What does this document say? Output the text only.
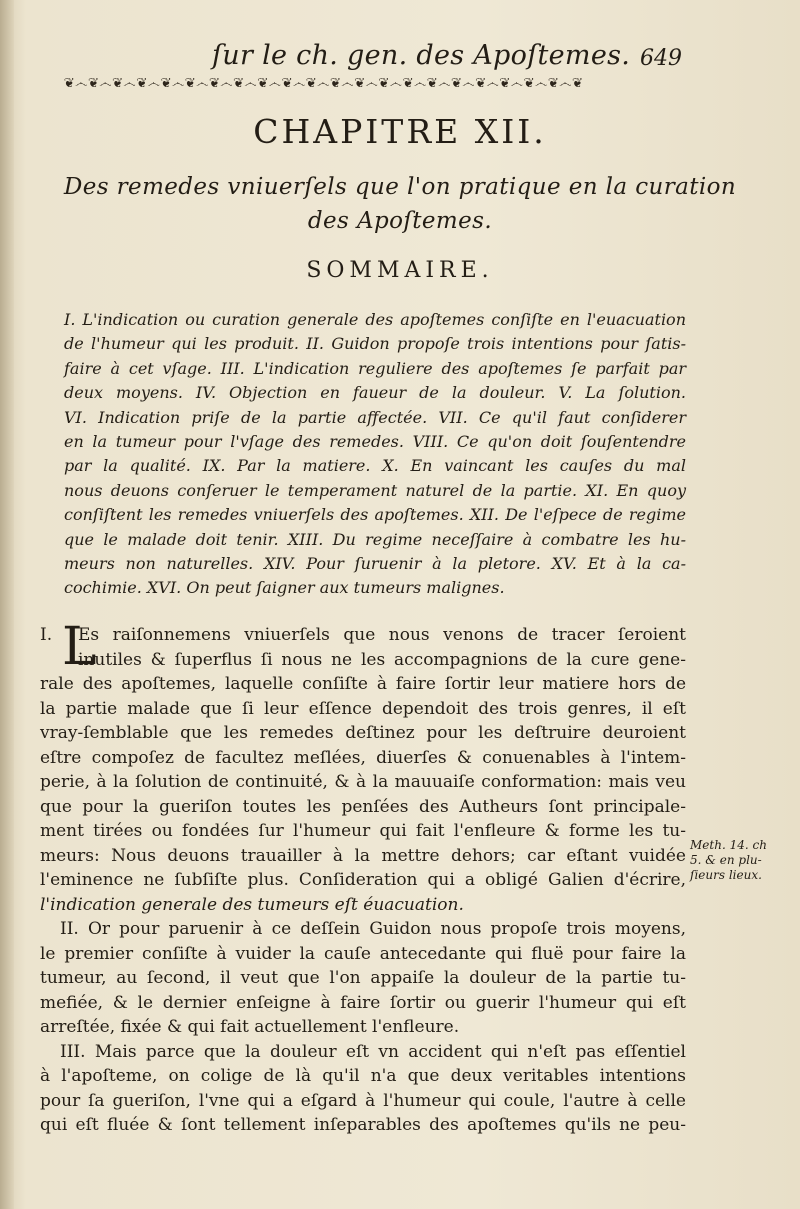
ſur le ch. gen. des Apoſtemes. 649
❦෴❦෴❦෴❦෴❦෴❦෴❦෴❦෴❦෴❦෴❦෴❦෴❦෴❦෴❦෴❦෴❦෴❦෴❦෴❦෴❦෴❦
CHAPITRE XII.
Des remedes vniuerſels que l'on pratique en la curation
des Apoſtemes.
SOMMAIRE.
I. L'indication ou curation generale des apoſtemes conſiſte en l'euacuation
de l'humeur qui les produit. II. Guidon propoſe trois intentions pour ſatis-
faire à cet vſage. III. L'indication reguliere des apoſtemes ſe parfait par
deux moyens. IV. Objection en faueur de la douleur. V. La ſolution.
VI. Indication priſe de la partie affectée. VII. Ce qu'il faut conſiderer
en la tumeur pour l'vſage des remedes. VIII. Ce qu'on doit ſouſentendre
par la qualité. IX. Par la matiere. X. En vaincant les cauſes du mal
nous deuons conſeruer le temperament naturel de la partie. XI. En quoy
conſiſtent les remedes vniuerſels des apoſtemes. XII. De l'eſpece de regime
que le malade doit tenir. XIII. Du regime neceſſaire à combatre les hu-
meurs non naturelles. XIV. Pour ſuruenir à la pletore. XV. Et à la ca-
cochimie. XVI. On peut ſaigner aux tumeurs malignes.
I. L
Es raiſonnemens vniuerſels que nous venons de tracer ſeroient
inutiles & ſuperflus ſi nous ne les accompagnions de la cure gene-
rale des apoſtemes, laquelle conſiſte à faire ſortir leur matiere hors de
la partie malade que ſi leur eſſence dependoit des trois genres, il eſt
vray-ſemblable que les remedes deſtinez pour les deſtruire deuroient
eſtre compoſez de facultez meſlées, diuerſes & conuenables à l'intem-
perie, à la ſolution de continuité, & à la mauuaiſe conformation: mais veu
que pour la gueriſon toutes les penſées des Autheurs ſont principale-
ment tirées ou fondées ſur l'humeur qui fait l'enfleure & forme les tu-
meurs: Nous deuons trauailler à la mettre dehors; car eſtant vuidée
l'eminence ne ſubſiſte plus. Conſideration qui a obligé Galien d'écrire,
l'indication generale des tumeurs eſt éuacuation.
II. Or pour paruenir à ce deſſein Guidon nous propoſe trois moyens,
le premier conſiſte à vuider la cauſe antecedante qui fluë pour faire la
tumeur, au ſecond, il veut que l'on appaiſe la douleur de la partie tu-
mefiée, & le dernier enſeigne à faire ſortir ou guerir l'humeur qui eſt
arreſtée, fixée & qui fait actuellement l'enfleure.
III. Mais parce que la douleur eſt vn accident qui n'eſt pas eſſentiel
à l'apoſteme, on colige de là qu'il n'a que deux veritables intentions
pour ſa gueriſon, l'vne qui a eſgard à l'humeur qui coule, l'autre à celle
qui eſt fluée & ſont tellement inſeparables des apoſtemes qu'ils ne peu-
Meth. 14. ch
5. & en plu-
ſieurs lieux.
